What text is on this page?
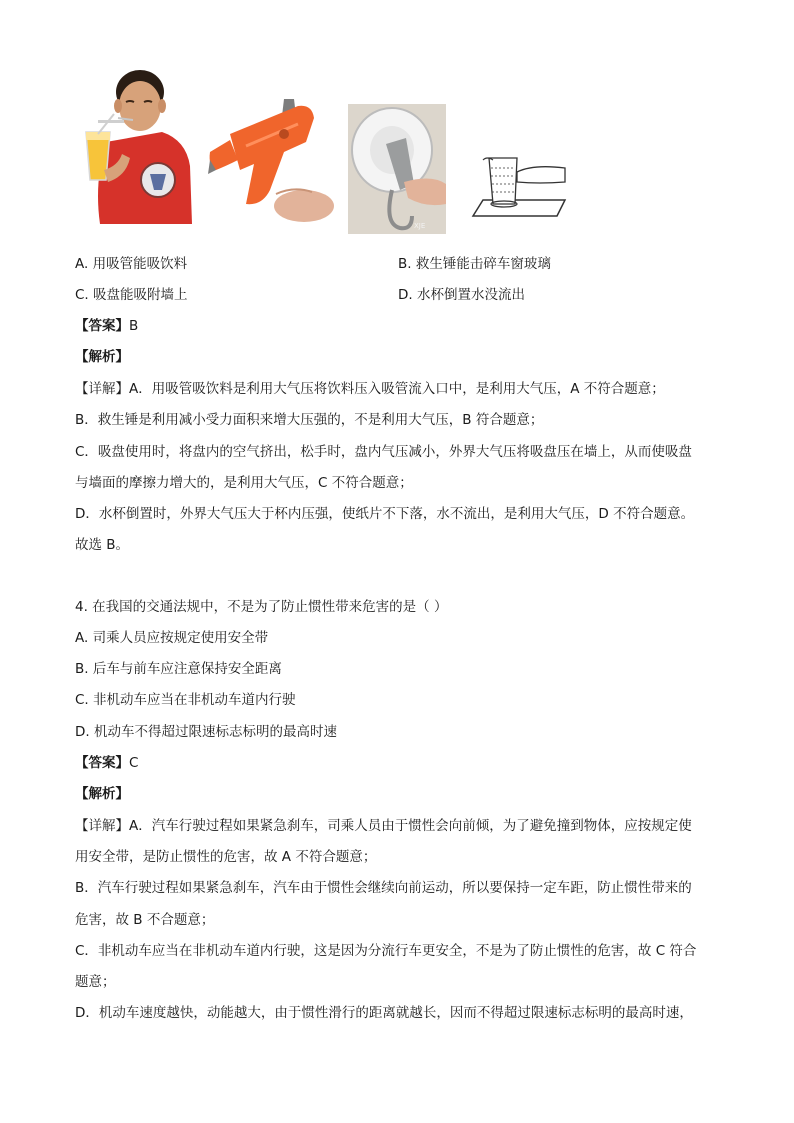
XJE
A. 用吸管能吸饮料	B. 救生锤能击碎车窗玻璃
C. 吸盘能吸附墙上	D. 水杯倒置水没流出
【答案】B
【解析】
【详解】A．用吸管吸饮料是利用大气压将饮料压入吸管流入口中，是利用大气压，A 不符合题意；
B．救生锤是利用减小受力面积来增大压强的，不是利用大气压，B 符合题意；
C．吸盘使用时，将盘内的空气挤出，松手时，盘内气压减小，外界大气压将吸盘压在墙上，从而使吸盘
与墙面的摩擦力增大的，是利用大气压，C 不符合题意；
D．水杯倒置时，外界大气压大于杯内压强，使纸片不下落，水不流出，是利用大气压，D 不符合题意。
故选 B。
4. 在我国的交通法规中，不是为了防止惯性带来危害的是（ ）
A. 司乘人员应按规定使用安全带
B. 后车与前车应注意保持安全距离
C. 非机动车应当在非机动车道内行驶
D. 机动车不得超过限速标志标明的最高时速
【答案】C
【解析】
【详解】A．汽车行驶过程如果紧急刹车，司乘人员由于惯性会向前倾，为了避免撞到物体，应按规定使
用安全带，是防止惯性的危害，故 A 不符合题意；
B．汽车行驶过程如果紧急刹车，汽车由于惯性会继续向前运动，所以要保持一定车距，防止惯性带来的
危害，故 B 不合题意；
C．非机动车应当在非机动车道内行驶，这是因为分流行车更安全，不是为了防止惯性的危害，故 C 符合
题意；
D．机动车速度越快，动能越大，由于惯性滑行的距离就越长，因而不得超过限速标志标明的最高时速，
